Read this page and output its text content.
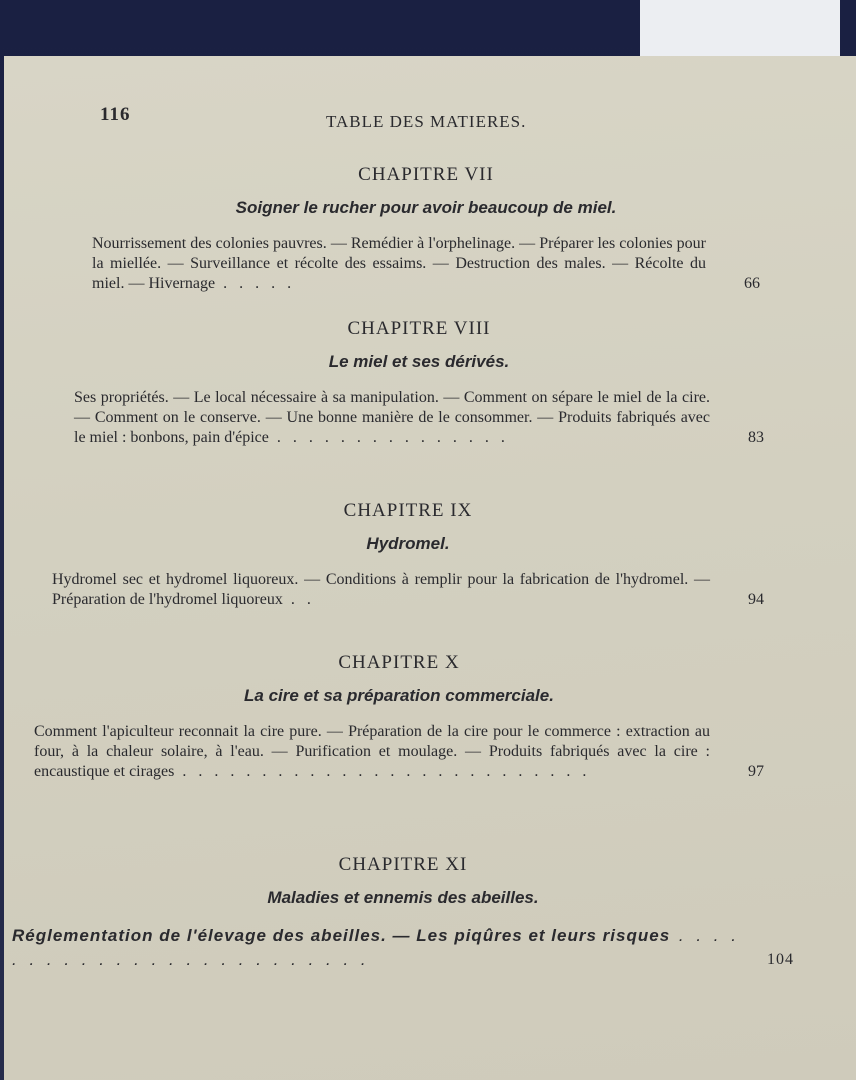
116	TABLE DES MATIERES.

CHAPITRE VII

Soigner le rucher pour avoir beaucoup de miel.

Nourrissement des colonies pauvres. — Remédier à l'orphelinage. — Préparer les colonies pour la miellée. — Surveillance et récolte des essaims. — Destruction des males. — Récolte du miel. — Hivernage . . . . .	66

CHAPITRE VIII

Le miel et ses dérivés.

Ses propriétés. — Le local nécessaire à sa manipulation. — Comment on sépare le miel de la cire. — Comment on le conserve. — Une bonne manière de le consommer. — Produits fabriqués avec le miel : bonbons, pain d'épice . . . . . . . . . . . . . . .	83

CHAPITRE IX

Hydromel.

Hydromel sec et hydromel liquoreux. — Conditions à remplir pour la fabrication de l'hydromel. — Préparation de l'hydromel liquoreux . .	94

CHAPITRE X

La cire et sa préparation commerciale.

Comment l'apiculteur reconnait la cire pure. — Préparation de la cire pour le commerce : extraction au four, à la chaleur solaire, à l'eau. — Purification et moulage. — Produits fabriqués avec la cire : encaustique et cirages . . . . . . . . . . . . . . . . . . . . . . . . . .	97

CHAPITRE XI

Maladies et ennemis des abeilles.

Réglementation de l'élevage des abeilles. — Les piqûres et leurs risques . . . . . . . . . . . . . . . . . . . . . . . . .	104
